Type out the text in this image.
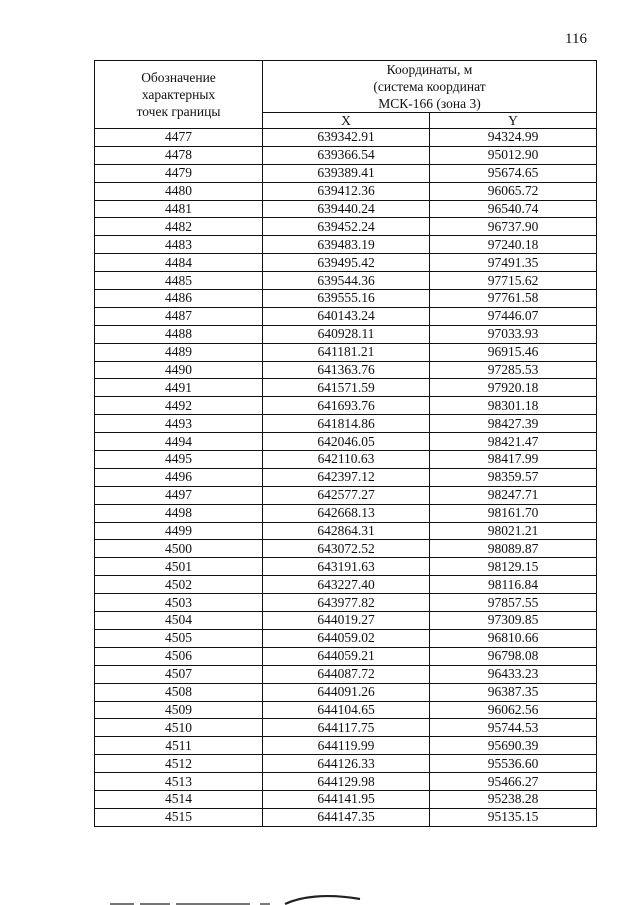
116
Обозначение
характерных
точек границы	Координаты, м
(система координат
МСК-166 (зона 3)	

	X	Y
4477	639342.91	94324.99
4478	639366.54	95012.90
4479	639389.41	95674.65
4480	639412.36	96065.72
4481	639440.24	96540.74
4482	639452.24	96737.90
4483	639483.19	97240.18
4484	639495.42	97491.35
4485	639544.36	97715.62
4486	639555.16	97761.58
4487	640143.24	97446.07
4488	640928.11	97033.93
4489	641181.21	96915.46
4490	641363.76	97285.53
4491	641571.59	97920.18
4492	641693.76	98301.18
4493	641814.86	98427.39
4494	642046.05	98421.47
4495	642110.63	98417.99
4496	642397.12	98359.57
4497	642577.27	98247.71
4498	642668.13	98161.70
4499	642864.31	98021.21
4500	643072.52	98089.87
4501	643191.63	98129.15
4502	643227.40	98116.84
4503	643977.82	97857.55
4504	644019.27	97309.85
4505	644059.02	96810.66
4506	644059.21	96798.08
4507	644087.72	96433.23
4508	644091.26	96387.35
4509	644104.65	96062.56
4510	644117.75	95744.53
4511	644119.99	95690.39
4512	644126.33	95536.60
4513	644129.98	95466.27
4514	644141.95	95238.28
4515	644147.35	95135.15
